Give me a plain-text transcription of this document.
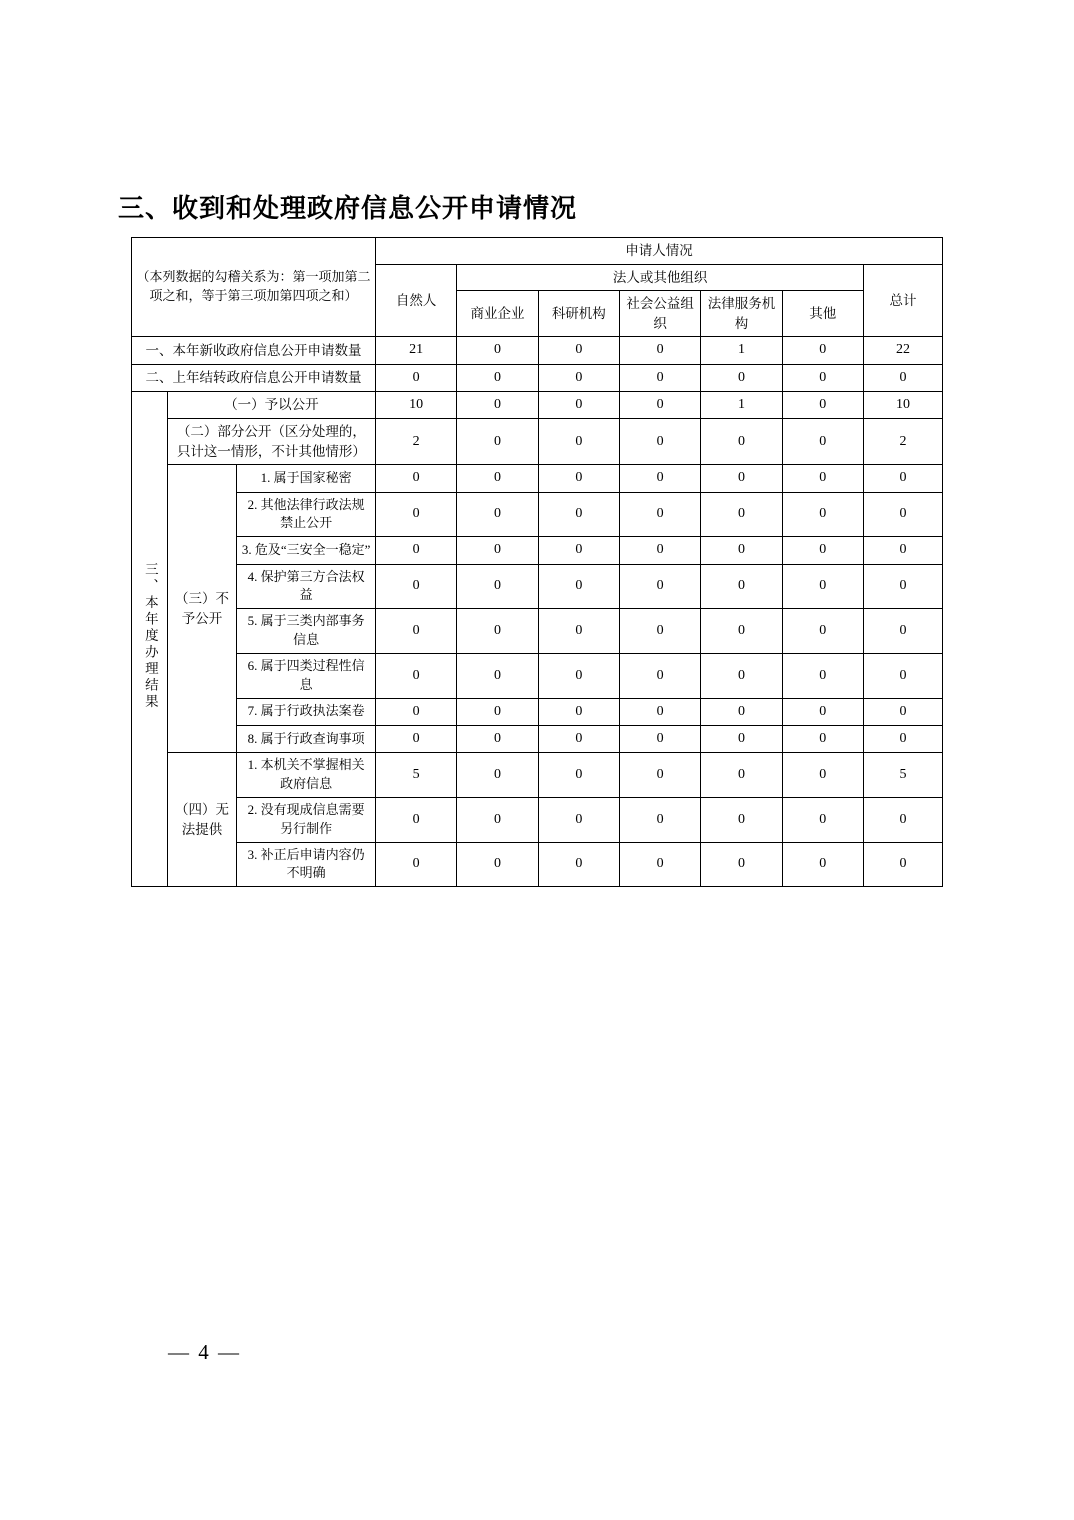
三、收到和处理政府信息公开申请情况
（本列数据的勾稽关系为：第一项加第二项之和，等于第三项加第四项之和）			申请人情况						
			自然人	法人或其他组织					总计
				商业企业	科研机构	社会公益组织	法律服务机构	其他	
一、本年新收政府信息公开申请数量			21	0	0	0	1	0	22
二、上年结转政府信息公开申请数量			0	0	0	0	0	0	0
三、本年度办理结果	（一）予以公开		10	0	0	0	1	0	10
	（二）部分公开（区分处理的，只计这一情形，不计其他情形）		2	0	0	0	0	0	2
	（三）不予公开	1. 属于国家秘密	0	0	0	0	0	0	0
		2. 其他法律行政法规禁止公开	0	0	0	0	0	0	0
		3. 危及“三安全一稳定”	0	0	0	0	0	0	0
		4. 保护第三方合法权益	0	0	0	0	0	0	0
		5. 属于三类内部事务信息	0	0	0	0	0	0	0
		6. 属于四类过程性信息	0	0	0	0	0	0	0
		7. 属于行政执法案卷	0	0	0	0	0	0	0
		8. 属于行政查询事项	0	0	0	0	0	0	0
	（四）无法提供	1. 本机关不掌握相关政府信息	5	0	0	0	0	0	5
		2. 没有现成信息需要另行制作	0	0	0	0	0	0	0
		3. 补正后申请内容仍不明确	0	0	0	0	0	0	0
— 4 —
